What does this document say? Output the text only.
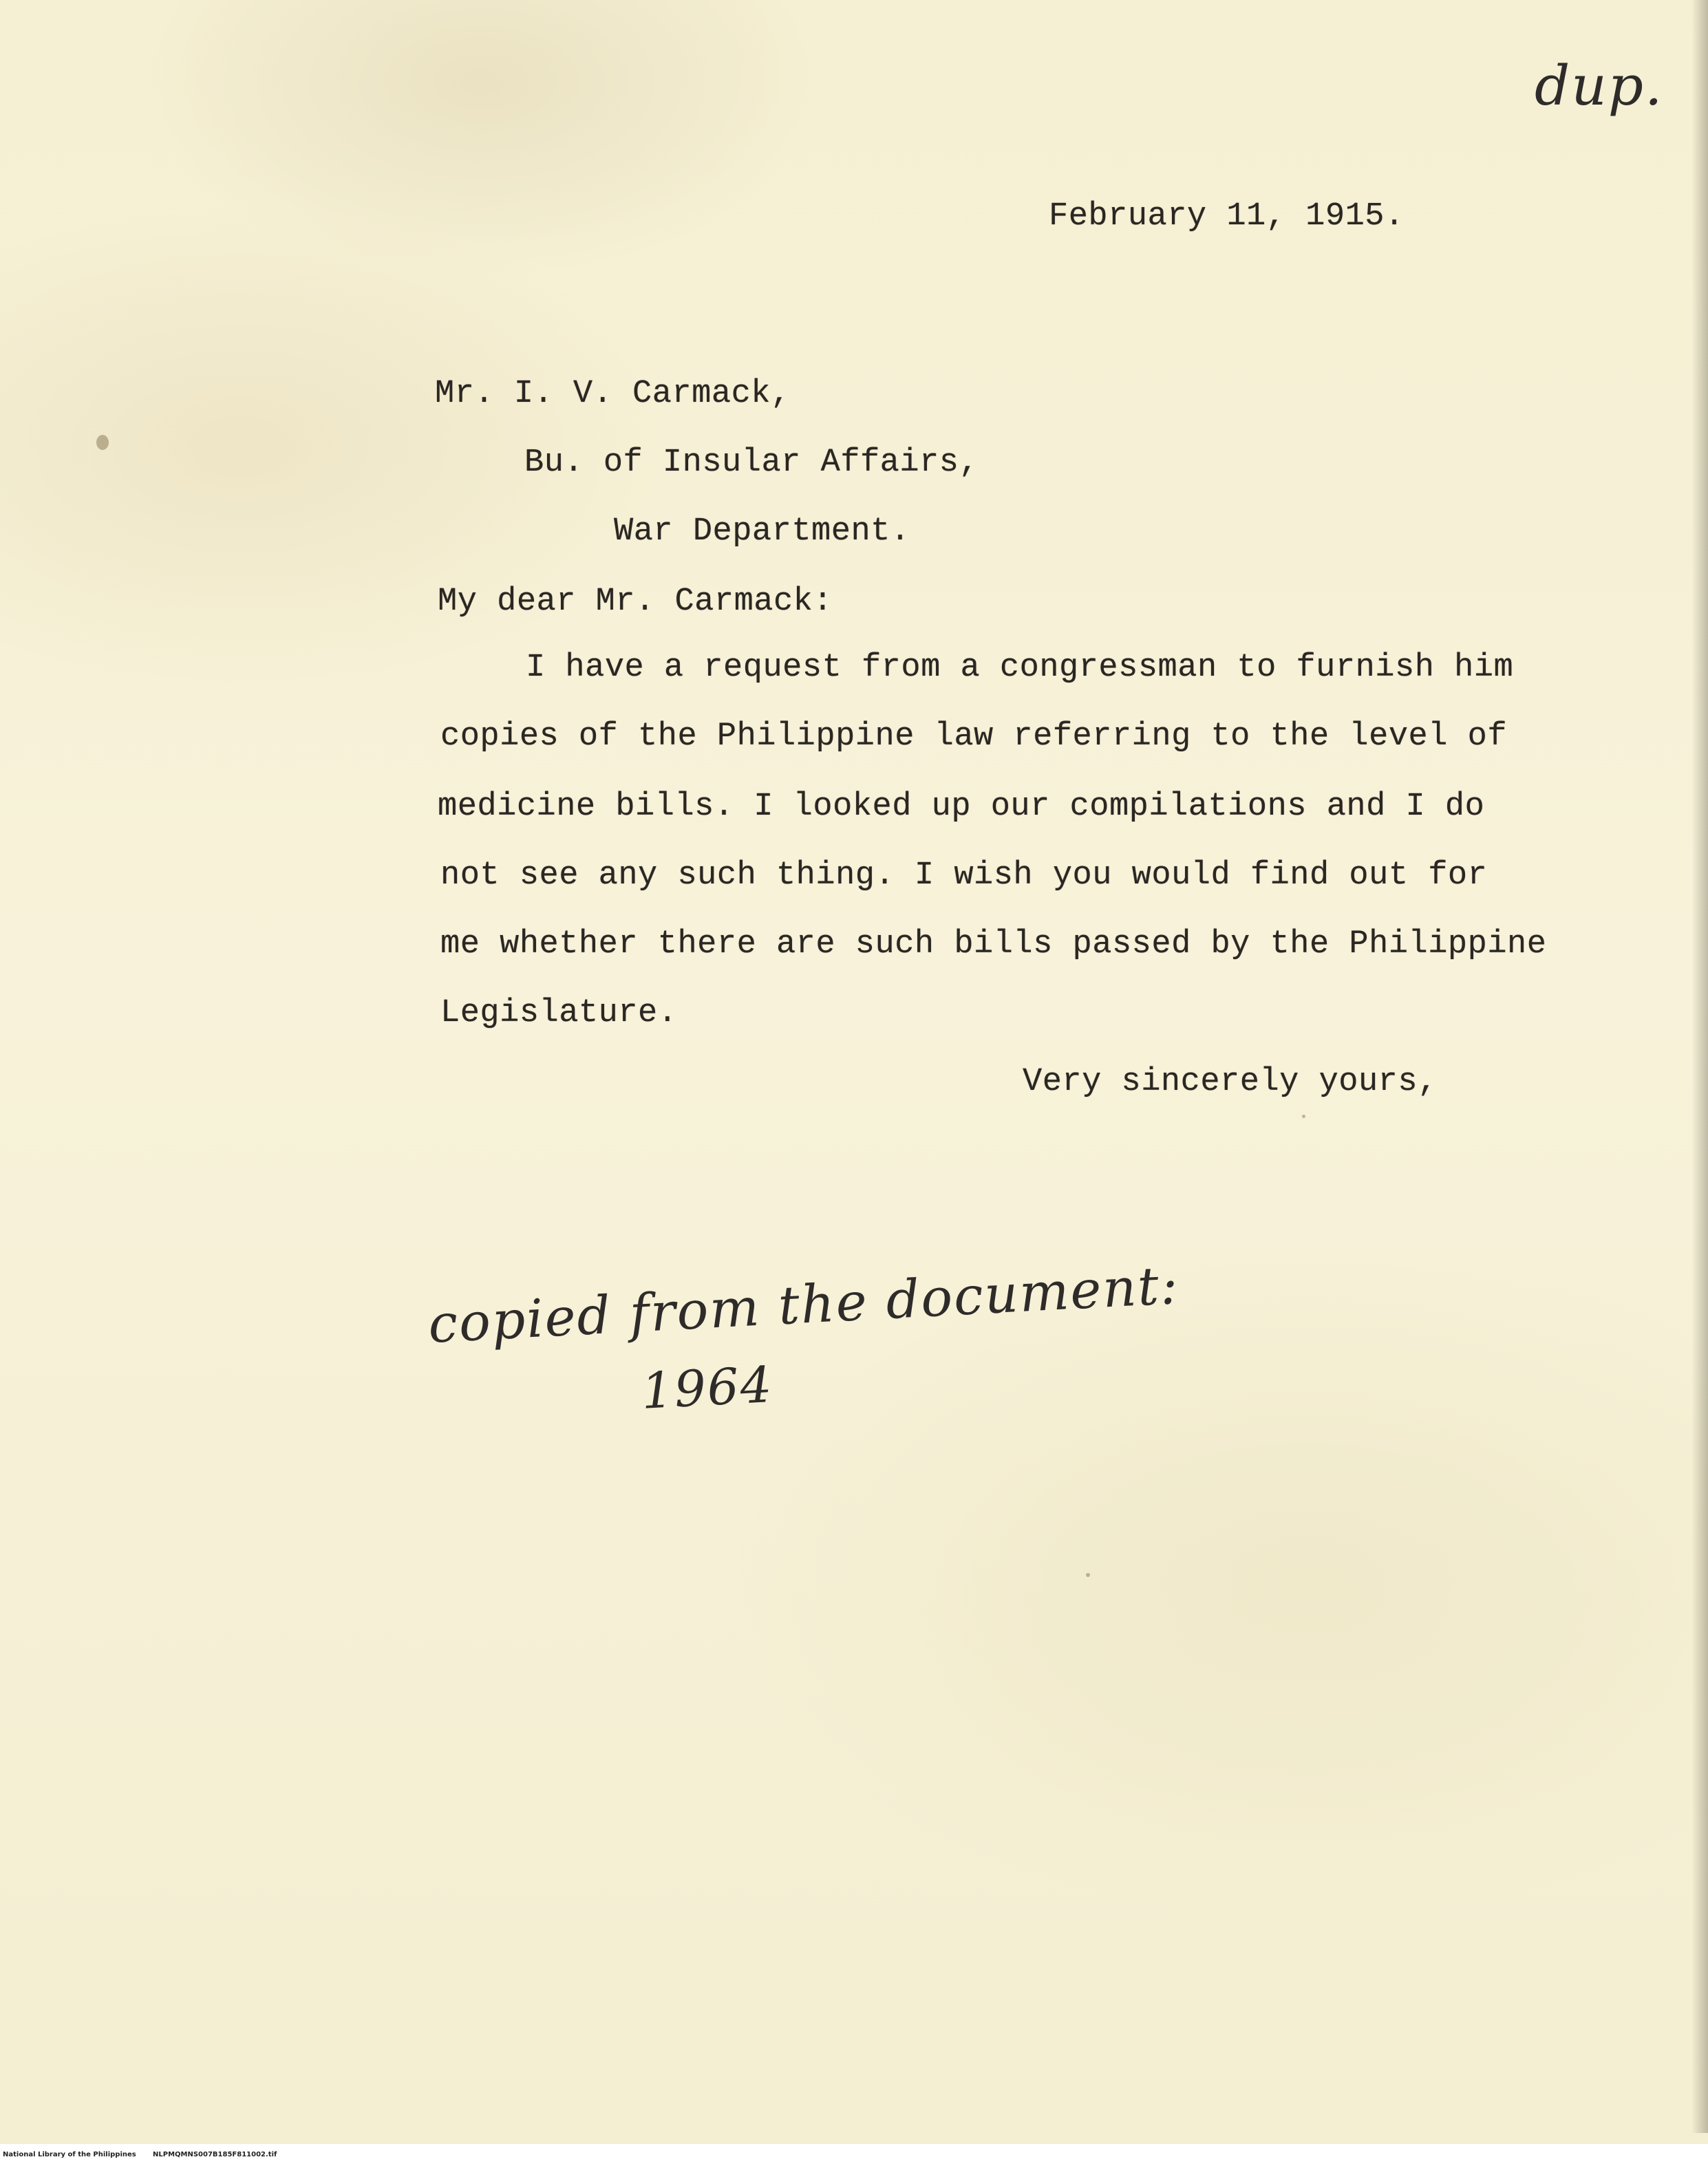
dup.
February 11, 1915.
Mr. I. V. Carmack,
Bu. of Insular Affairs,
War Department.
My dear Mr. Carmack:
I have a request from a congressman to furnish him
copies of the Philippine law referring to the level of
medicine bills. I looked up our compilations and I do
not see any such thing. I wish you would find out for
me whether there are such bills passed by the Philippine
Legislature.
Very sincerely yours,
copied from the document:
1964
National Library of the Philippines NLPMQMNS007B185F811002.tif
